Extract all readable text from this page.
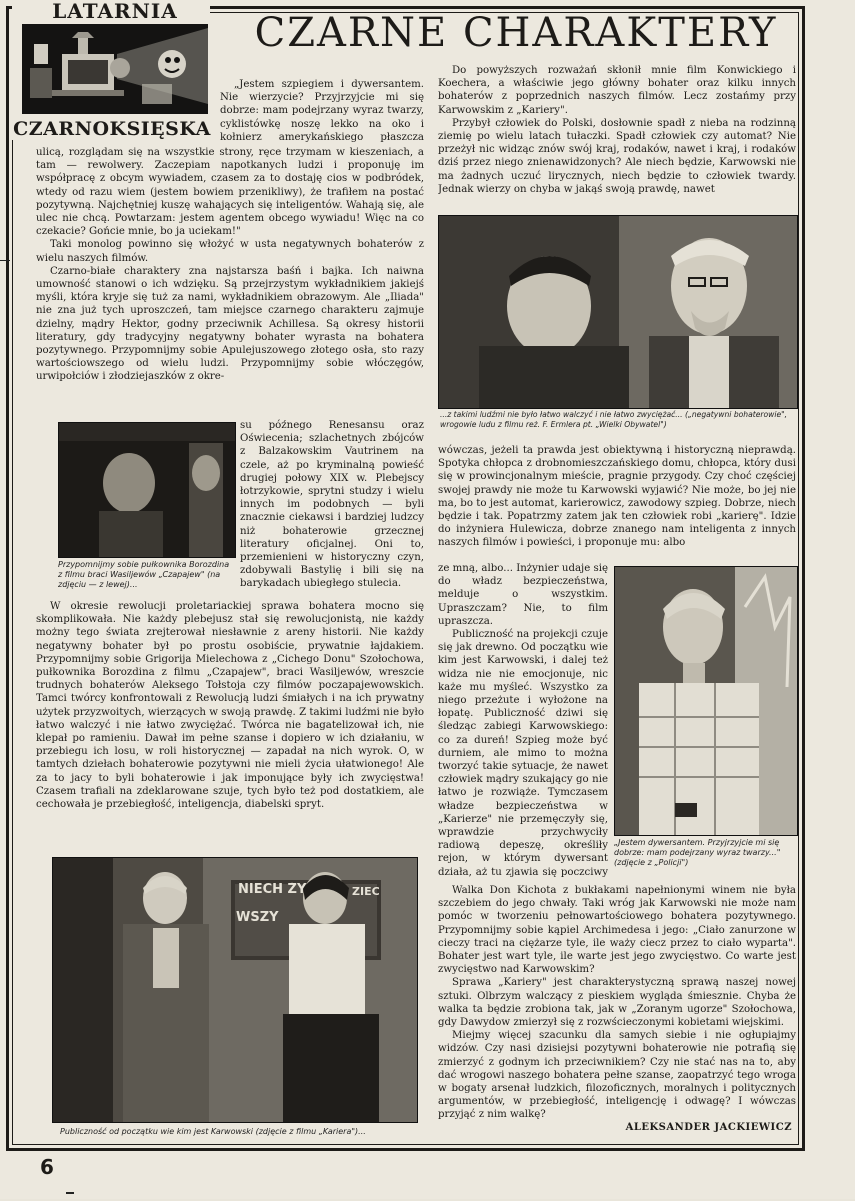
LATARNIA
CZARNOKSIĘSKA
CZARNE CHARAKTERY

„Jestem szpiegiem i dywersantem. Nie wierzycie? Przyjrzyjcie mi się dobrze: mam podejrzany wyraz twarzy, cyklistówkę noszę lekko na oko i kołnierz amerykańskiego płaszcza

...z takimi ludźmi nie było łatwo walczyć i nie łatwo zwyciężać... („negatywni bohaterowie", wrogowie ludu z filmu reż. F. Ermlera pt. „Wielki Obywatel")

ulicą, rozglądam się na wszystkie strony, ręce trzymam w kieszeniach, a tam — rewolwery. Zaczepiam napotkanych ludzi i proponuję im współpracę z obcym wywiadem, czasem za to dostaję cios w podbródek, wtedy od razu wiem (jestem bowiem przenikliwy), że trafiłem na postać pozytywną. Najchętniej kuszę wahających się inteligentów. Wahają się, ale ulec nie chcą. Powtarzam: jestem agentem obcego wywiadu! Więc na co czekacie? Gońcie mnie, bo ja uciekam!"

Taki monolog powinno się włożyć w usta negatywnych bohaterów z wielu naszych filmów.

Czarno-białe charaktery zna najstarsza baśń i bajka. Ich naiwna umowność stanowi o ich wdzięku. Są przejrzystym wykładnikiem jakiejś myśli, która kryje się tuż za nami, wykładnikiem obrazowym. Ale „Iliada" nie zna już tych uproszczeń, tam miejsce czarnego charakteru zajmuje dzielny, mądry Hektor, godny przeciwnik Achillesa. Są okresy historii literatury, gdy tradycyjny negatywny bohater wyrasta na bohatera pozytywnego. Przypomnijmy sobie Apulejuszowego złotego osła, sto razy wartościowszego od wielu ludzi. Przypomnijmy sobie włóczęgów, urwipołciów i złodziejaszków z okre-

Przypomnijmy sobie pułkownika Borozdina z filmu braci Wasiljewów „Czapajew" (na zdjęciu — z lewej)...

su późnego Renesansu oraz Oświecenia; szlachetnych zbójców z Balzakowskim Vautrinem na czele, aż po kryminalną powieść drugiej połowy XIX w. Plebejscy łotrzykowie, sprytni studzy i wielu innych im podobnych — byli znacznie ciekawsi i bardziej ludzcy niż bohaterowie grzecznej literatury oficjalnej. Oni to, przemienieni w historyczny czyn, zdobywali Bastylię i bili się na barykadach ubiegłego stulecia.

W okresie rewolucji proletariackiej sprawa bohatera mocno się skomplikowała. Nie każdy plebejusz stał się rewolucjonistą, nie każdy możny tego świata zrejterował niesławnie z areny historii. Nie każdy negatywny bohater był po prostu osobiście, prywatnie łajdakiem. Przypomnijmy sobie Grigorija Mielechowa z „Cichego Donu" Szołochowa, pułkownika Borozdina z filmu „Czapajew", braci Wasiljewów, wreszcie trudnych bohaterów Aleksego Tołstoja czy filmów poczapajewowskich. Tamci twórcy konfrontowali z Rewolucją ludzi śmiałych i na ich prywatny użytek przyzwoitych, wierzących w swoją prawdę. Z takimi ludźmi nie było łatwo walczyć i nie łatwo zwyciężać. Twórca nie bagatelizował ich, nie klepał po ramieniu. Dawał im pełne szanse i dopiero w ich działaniu, w przebiegu ich losu, w roli historycznej — zapadał na nich wyrok. O, w tamtych dziełach bohaterowie pozytywni nie mieli życia ułatwionego! Ale za to jacy to byli bohaterowie i jak imponujące były ich zwycięstwa! Czasem trafiali na zdeklarowane szuje, tych było też pod dostatkiem, ale cechowała je przebiegłość, inteligencja, diabelski spryt.

NIECH ŻY
WSZY
ZIEC
Publiczność od początku wie kim jest Karwowski (zdjęcie z filmu „Kariera")...

Do powyższych rozważań skłonił mnie film Konwickiego i Koechera, a właściwie jego główny bohater oraz kilku innych bohaterów z poprzednich naszych filmów. Lecz zostańmy przy Karwowskim z „Kariery".

Przybył człowiek do Polski, dosłownie spadł z nieba na rodzinną ziemię po wielu latach tułaczki. Spadł człowiek czy automat? Nie przeżył nic widząc znów swój kraj, rodaków, nawet i kraj, i rodaków dziś przez niego znienawidzonych? Ale niech będzie, Karwowski nie ma żadnych uczuć lirycznych, niech będzie to człowiek twardy. Jednak wierzy on chyba w jakąś swoją prawdę, nawet

wówczas, jeżeli ta prawda jest obiektywną i historyczną nieprawdą. Spotyka chłopca z drobnomieszczańskiego domu, chłopca, który dusi się w prowincjonalnym mieście, pragnie przygody. Czy choć częściej swojej prawdy nie może tu Karwowski wyjawić? Nie może, bo jej nie ma, bo to jest automat, karierowicz, zawodowy szpieg. Dobrze, niech będzie i tak. Popatrzmy zatem jak ten człowiek robi „karierę". Idzie do inżyniera Hulewicza, dobrze znanego nam inteligenta z innych naszych filmów i powieści, i proponuje mu: albo

ze mną, albo... Inżynier udaje się do władz bezpieczeństwa, melduje o wszystkim. Upraszczam? Nie, to film upraszcza.

Publiczność na projekcji czuje się jak drewno. Od początku wie kim jest Karwowski, i dalej też widza nie nie emocjonuje, nic każe mu myśleć. Wszystko za niego przeżute i wyłożone na łopatę. Publiczność dziwi się śledząc zabiegi Karwowskiego: co za dureń! Szpieg może być durniem, ale mimo to można tworzyć takie sytuacje, że nawet człowiek mądry szukający go nie łatwo je rozwiąże. Tymczasem władze bezpieczeństwa w „Karierze" nie przemęczyły się, wprawdzie przychwyciły radiową depeszę, określiły rejon, w którym dywersant działa, aż tu zjawia się poczciwy

„Jestem dywersantem. Przyjrzyjcie mi się dobrze: mam podejrzany wyraz twarzy..." (zdjęcie z „Policji")

Walka Don Kichota z bukłakami napełnionymi winem nie była szczebiem do jego chwały. Taki wróg jak Karwowski nie może nam pomóc w tworzeniu pełnowartościowego bohatera pozytywnego. Przypomnijmy sobie kąpiel Archimedesa i jego: „Ciało zanurzone w cieczy traci na ciężarze tyle, ile waży ciecz przez to ciało wyparta". Bohater jest wart tyle, ile warte jest jego zwycięstwo. Co warte jest zwycięstwo nad Karwowskim?

Sprawa „Kariery" jest charakterystyczną sprawą naszej nowej sztuki. Olbrzym walczący z pieskiem wygląda śmiesznie. Chyba że walka ta będzie zrobiona tak, jak w „Zoranym ugorze" Szołochowa, gdy Dawydow zmierzył się z rozwścieczonymi kobietami wiejskimi.

Miejmy więcej szacunku dla samych siebie i nie ogłupiajmy widzów. Czy nasi dzisiejsi pozytywni bohaterowie nie potrafią się zmierzyć z godnym ich przeciwnikiem? Czy nie stać nas na to, aby dać wrogowi naszego bohatera pełne szanse, zaopatrzyć tego wroga w bogaty arsenał ludzkich, filozoficznych, moralnych i politycznych argumentów, w przebiegłość, inteligencję i odwagę? I wówczas przyjąć z nim walkę?

ALEKSANDER JACKIEWICZ
6
